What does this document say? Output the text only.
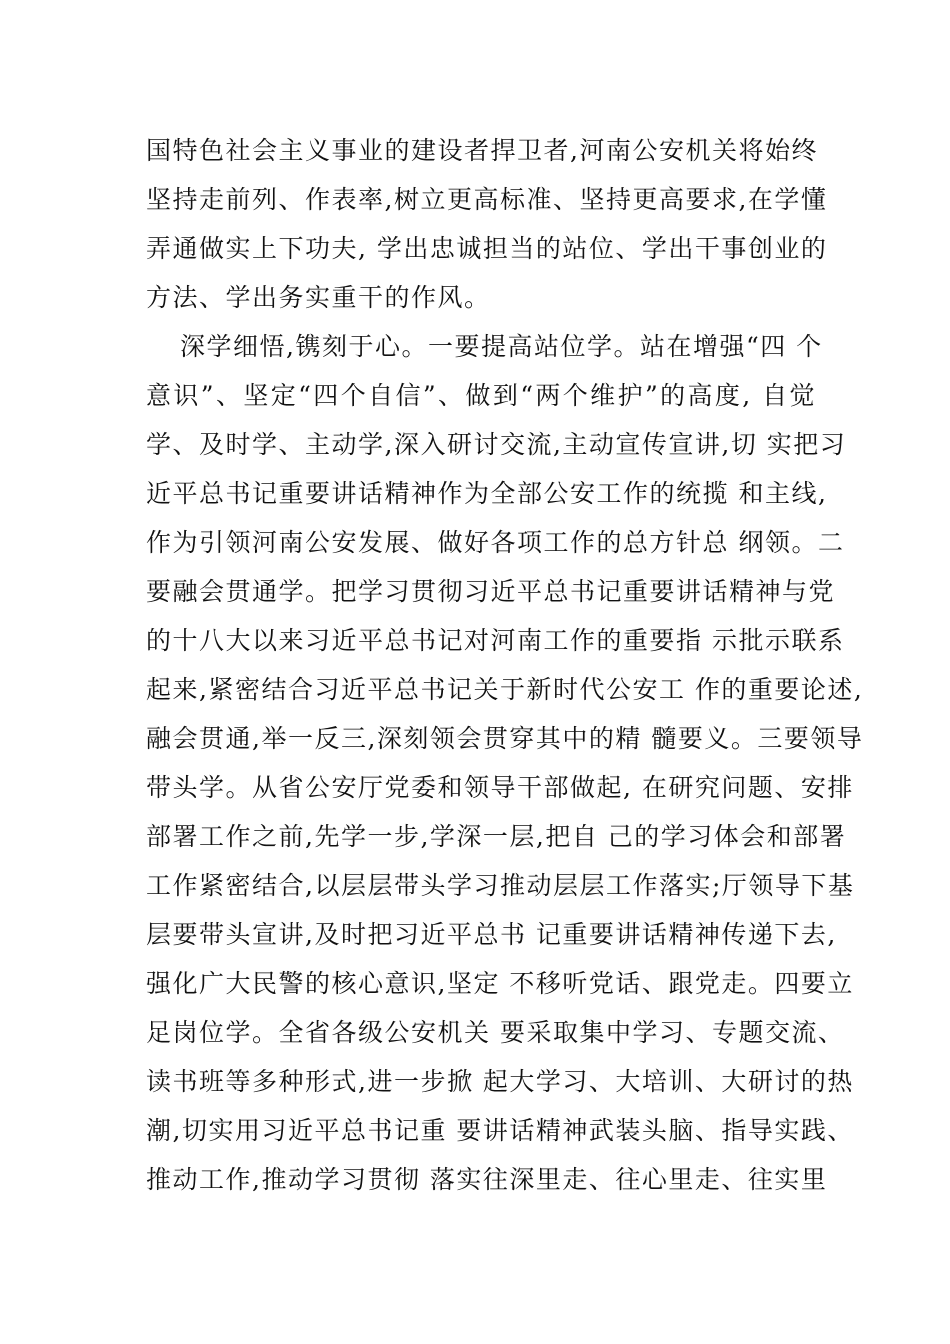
国特色社会主义事业的建设者捍卫者,河南公安机关将始终
坚持走前列、作表率,树立更高标准、坚持更高要求,在学懂
弄通做实上下功夫, 学出忠诚担当的站位、学出干事创业的
方法、学出务实重干的作风。
深学细悟,镌刻于心。一要提高站位学。站在增强“四 个
意识”、坚定“四个自信”、做到“两个维护”的高度, 自觉
学、及时学、主动学,深入研讨交流,主动宣传宣讲,切 实把习
近平总书记重要讲话精神作为全部公安工作的统揽 和主线,
作为引领河南公安发展、做好各项工作的总方针总 纲领。二
要融会贯通学。把学习贯彻习近平总书记重要讲话精神与党
的十八大以来习近平总书记对河南工作的重要指 示批示联系
起来,紧密结合习近平总书记关于新时代公安工 作的重要论述,
融会贯通,举一反三,深刻领会贯穿其中的精 髓要义。三要领导
带头学。从省公安厅党委和领导干部做起, 在研究问题、安排
部署工作之前,先学一步,学深一层,把自 己的学习体会和部署
工作紧密结合,以层层带头学习推动层层工作落实;厅领导下基
层要带头宣讲,及时把习近平总书 记重要讲话精神传递下去,
强化广大民警的核心意识,坚定 不移听党话、跟党走。四要立
足岗位学。全省各级公安机关 要采取集中学习、专题交流、
读书班等多种形式,进一步掀 起大学习、大培训、大研讨的热
潮,切实用习近平总书记重 要讲话精神武装头脑、指导实践、
推动工作,推动学习贯彻 落实往深里走、往心里走、往实里
